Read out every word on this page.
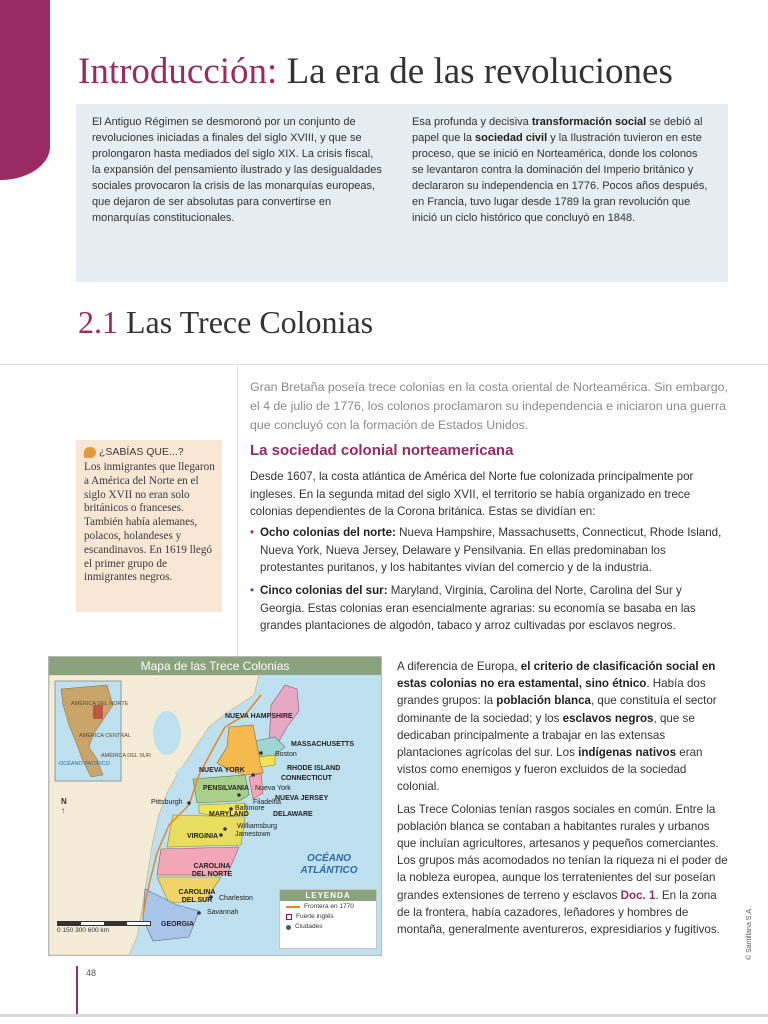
Introducción: La era de las revoluciones
El Antiguo Régimen se desmoronó por un conjunto de revoluciones iniciadas a finales del siglo XVIII, y que se prolongaron hasta mediados del siglo XIX. La crisis fiscal, la expansión del pensamiento ilustrado y las desigualdades sociales provocaron la crisis de las monarquías europeas, que dejaron de ser absolutas para convertirse en monarquías constitucionales.
Esa profunda y decisiva transformación social se debió al papel que la sociedad civil y la Ilustración tuvieron en este proceso, que se inició en Norteamérica, donde los colonos se levantaron contra la dominación del Imperio británico y declararon su independencia en 1776. Pocos años después, en Francia, tuvo lugar desde 1789 la gran revolución que inició un ciclo histórico que concluyó en 1848.
2.1 Las Trece Colonias

Gran Bretaña poseía trece colonias en la costa oriental de Norteamérica. Sin embargo, el 4 de julio de 1776, los colonos proclamaron su independencia e iniciaron una guerra que concluyó con la formación de Estados Unidos.

La sociedad colonial norteamericana

Desde 1607, la costa atlántica de América del Norte fue colonizada principalmente por ingleses. En la segunda mitad del siglo XVII, el territorio se había organizado en trece colonias dependientes de la Corona británica. Estas se dividían en:

• Ocho colonias del norte: Nueva Hampshire, Massachusetts, Connecticut, Rhode Island, Nueva York, Nueva Jersey, Delaware y Pensilvania. En ellas predominaban los protestantes puritanos, y los habitantes vivían del comercio y de la industria.
• Cinco colonias del sur: Maryland, Virginia, Carolina del Norte, Carolina del Sur y Georgia. Estas colonias eran esencialmente agrarias: su economía se basaba en las grandes plantaciones de algodón, tabaco y arroz cultivadas por esclavos negros.
¿SABÍAS QUE...?

Los inmigrantes que llegaron a América del Norte en el siglo XVII no eran solo británicos o franceses. También había alemanes, polacos, holandeses y escandinavos. En 1619 llegó el primer grupo de inmigrantes negros.

Mapa de las Trece Colonias
AMÉRICA DEL NORTE
AMÉRICA CENTRAL
AMÉRICA DEL SUR
OCÉANO PACÍFICO
NUEVA HAMPSHIRE
MASSACHUSETTS
RHODE ISLAND
CONNECTICUT
NUEVA YORK
NUEVA JERSEY
PENSILVANIA
DELAWARE
MARYLAND
VIRGINIA
CAROLINA DEL NORTE
CAROLINA DEL SUR
GEORGIA
Boston
Nueva York
Filadelfia
Baltimore
Pittsburgh
Williamsburg
Jamestown
Charleston
Savannah
OCÉANO ATLÁNTICO
N
↑
LEYENDA
Frontera en 1770
Fuerte inglés
Ciudades
0 150 300 600 km

A diferencia de Europa, el criterio de clasificación social en estas colonias no era estamental, sino étnico. Había dos grandes grupos: la población blanca, que constituía el sector dominante de la sociedad; y los esclavos negros, que se dedicaban principalmente a trabajar en las extensas plantaciones agrícolas del sur. Los indígenas nativos eran vistos como enemigos y fueron excluidos de la sociedad colonial.

Las Trece Colonias tenían rasgos sociales en común. Entre la población blanca se contaban a habitantes rurales y urbanos que incluían agricultores, artesanos y pequeños comerciantes. Los grupos más acomodados no tenían la riqueza ni el poder de la nobleza europea, aunque los terratenientes del sur poseían grandes extensiones de terreno y esclavos Doc. 1. En la zona de la frontera, había cazadores, leñadores y hombres de montaña, generalmente aventureros, expresidiarios y fugitivos.

48
© Santillana S.A.
